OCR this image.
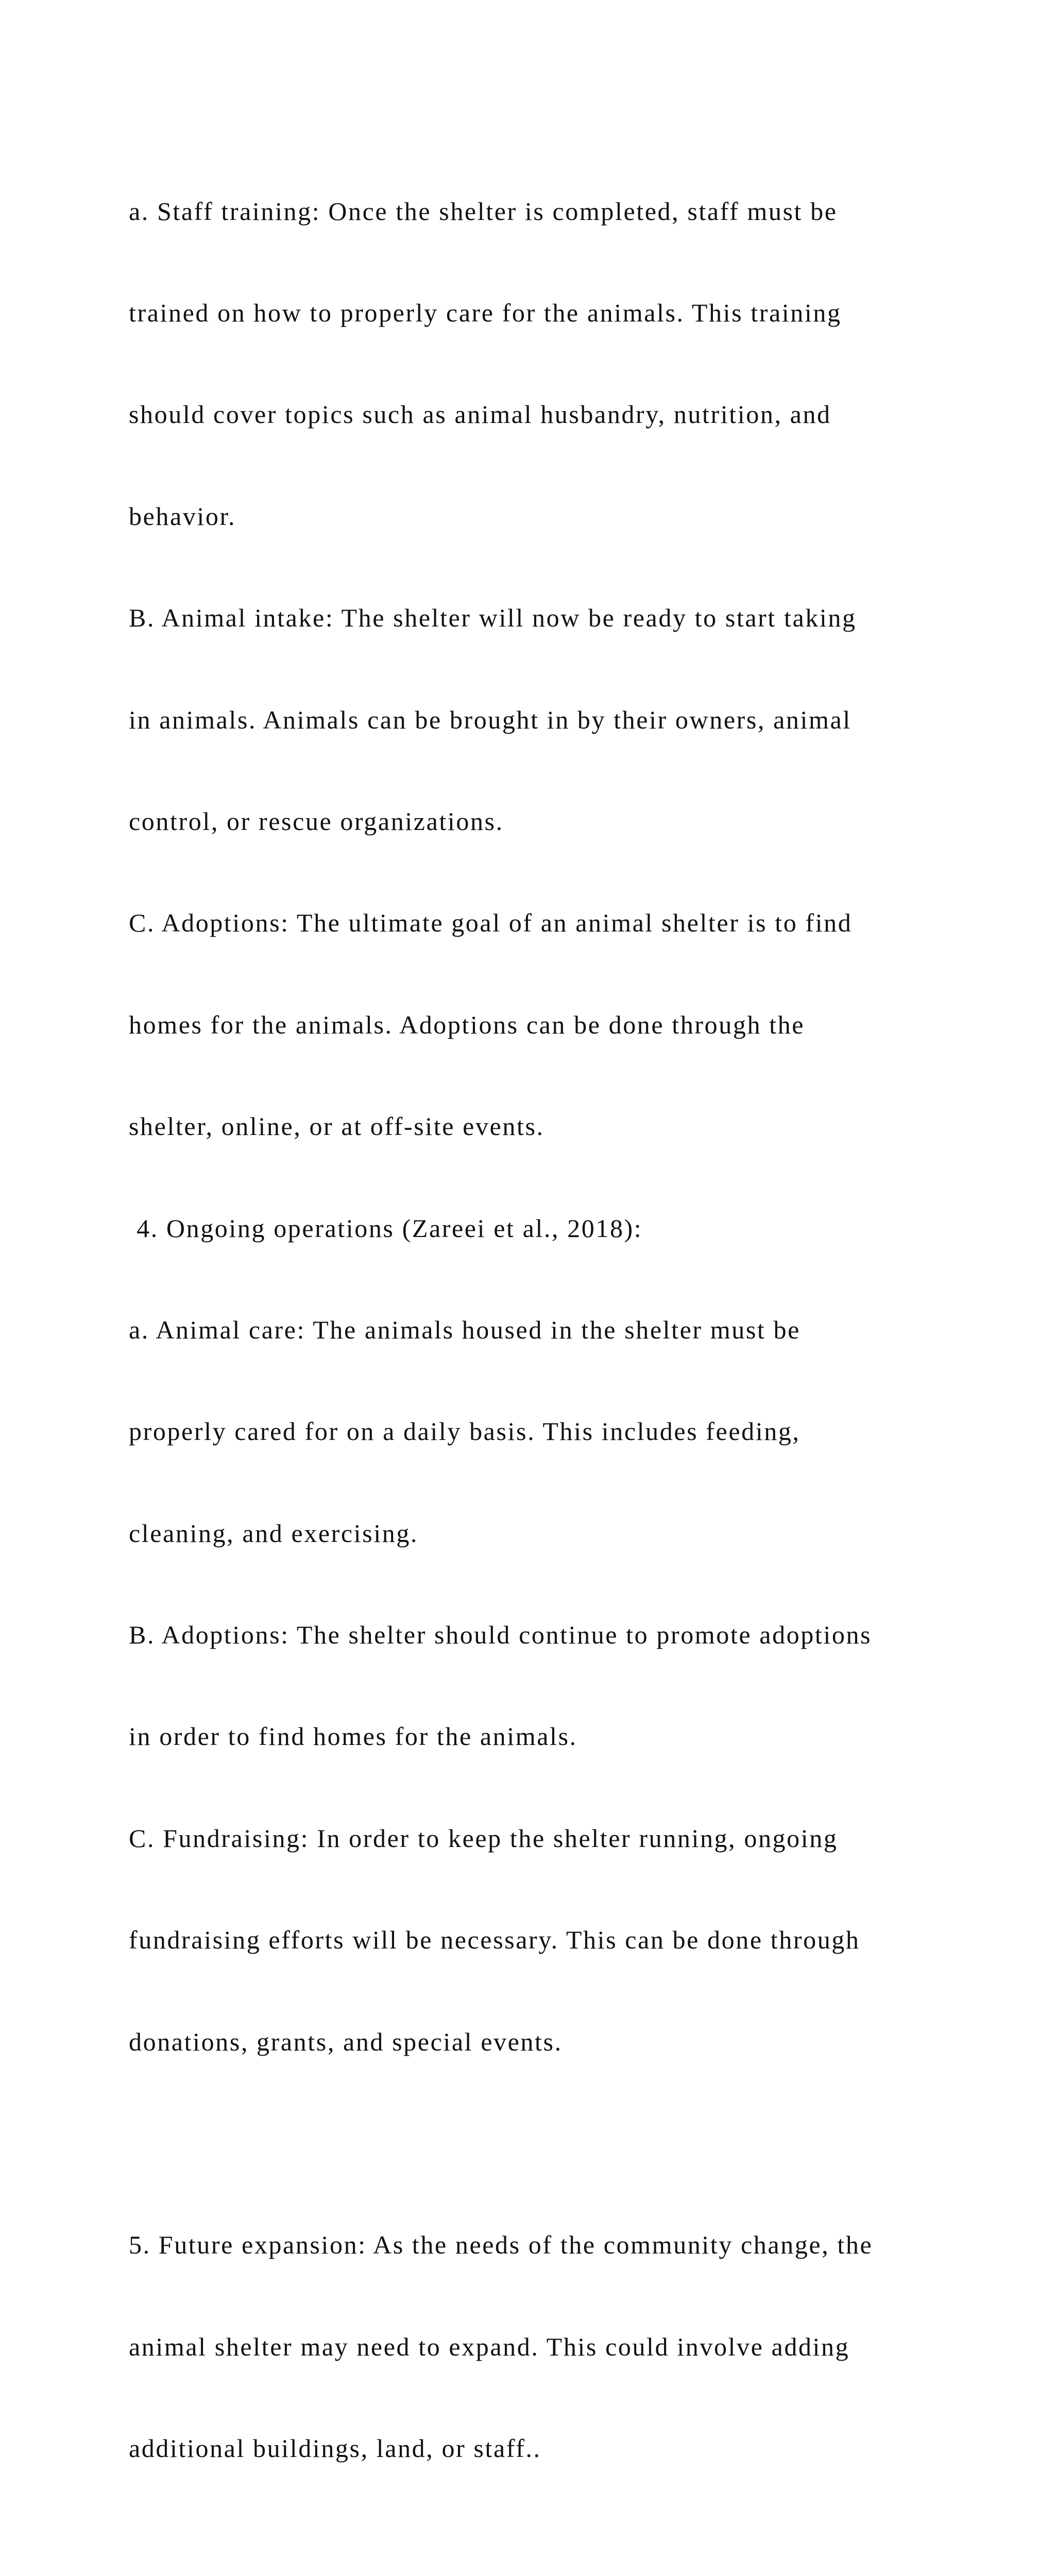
a. Staff training: Once the shelter is completed, staff must be

trained on how to properly care for the animals. This training

should cover topics such as animal husbandry, nutrition, and

behavior.

B. Animal intake: The shelter will now be ready to start taking

in animals. Animals can be brought in by their owners, animal

control, or rescue organizations.

C. Adoptions: The ultimate goal of an animal shelter is to find

homes for the animals. Adoptions can be done through the

shelter, online, or at off-site events.

4. Ongoing operations (Zareei et al., 2018):

a. Animal care: The animals housed in the shelter must be

properly cared for on a daily basis. This includes feeding,

cleaning, and exercising.

B. Adoptions: The shelter should continue to promote adoptions

in order to find homes for the animals.

C. Fundraising: In order to keep the shelter running, ongoing

fundraising efforts will be necessary. This can be done through

donations, grants, and special events.

5. Future expansion: As the needs of the community change, the

animal shelter may need to expand. This could involve adding

additional buildings, land, or staff..
